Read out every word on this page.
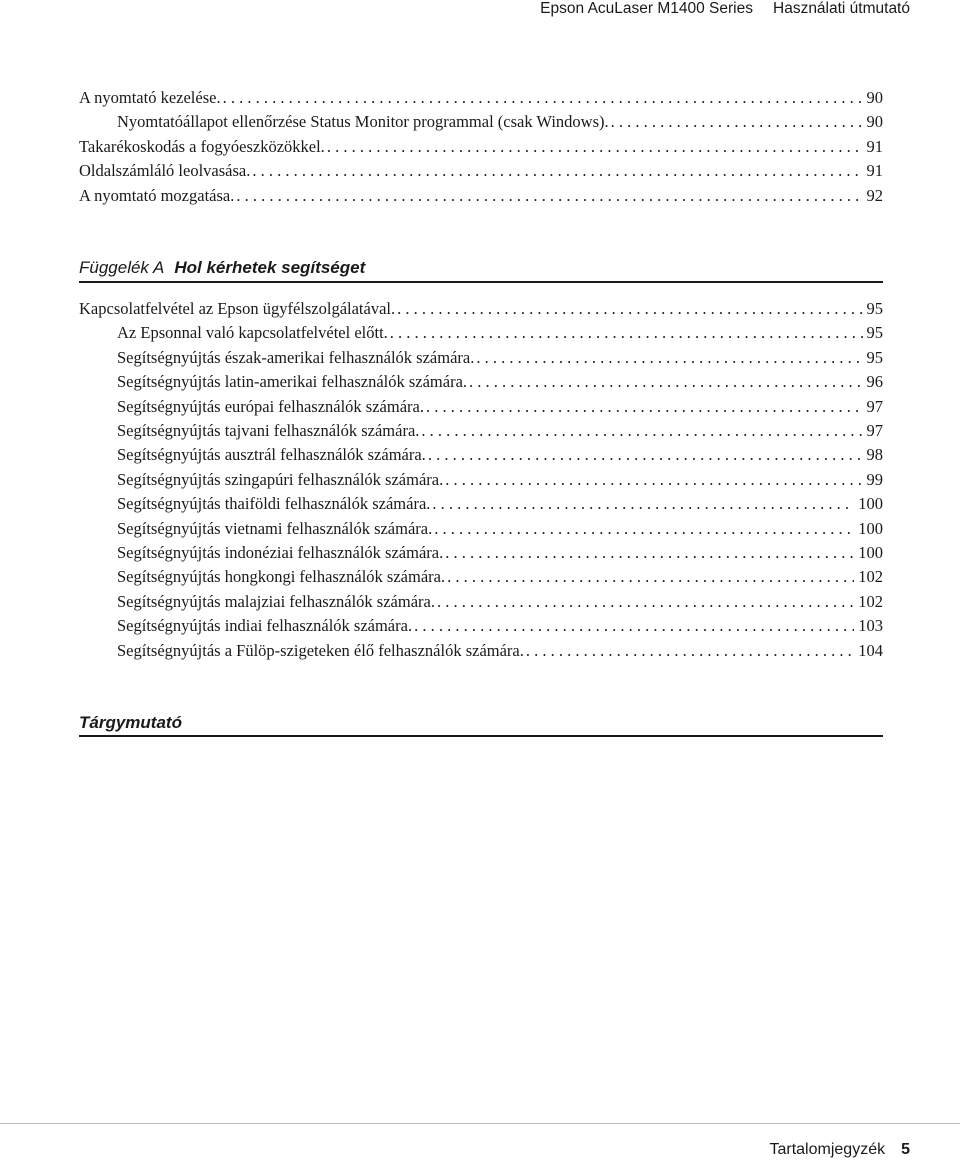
Epson AcuLaser M1400 Series Használati útmutató
A nyomtató kezelése. . . .	90
Nyomtatóállapot ellenőrzése Status Monitor programmal (csak Windows). . . .	90
Takarékoskodás a fogyóeszközökkel. . . .	91
Oldalszámláló leolvasása. . . .	91
A nyomtató mozgatása. . . .	92
Függelék A Hol kérhetek segítséget
Kapcsolatfelvétel az Epson ügyfélszolgálatával. . . .	95
Az Epsonnal való kapcsolatfelvétel előtt. . . .	95
Segítségnyújtás észak-amerikai felhasználók számára. . . .	95
Segítségnyújtás latin-amerikai felhasználók számára. . . .	96
Segítségnyújtás európai felhasználók számára. . . .	97
Segítségnyújtás tajvani felhasználók számára. . . .	97
Segítségnyújtás ausztrál felhasználók számára. . . .	98
Segítségnyújtás szingapúri felhasználók számára. . . .	99
Segítségnyújtás thaiföldi felhasználók számára. . . .	100
Segítségnyújtás vietnami felhasználók számára. . . .	100
Segítségnyújtás indonéziai felhasználók számára. . . .	100
Segítségnyújtás hongkongi felhasználók számára. . . .	102
Segítségnyújtás malajziai felhasználók számára. . . .	102
Segítségnyújtás indiai felhasználók számára. . . .	103
Segítségnyújtás a Fülöp-szigeteken élő felhasználók számára. . . .	104
Tárgymutató
Tartalomjegyzék 5
